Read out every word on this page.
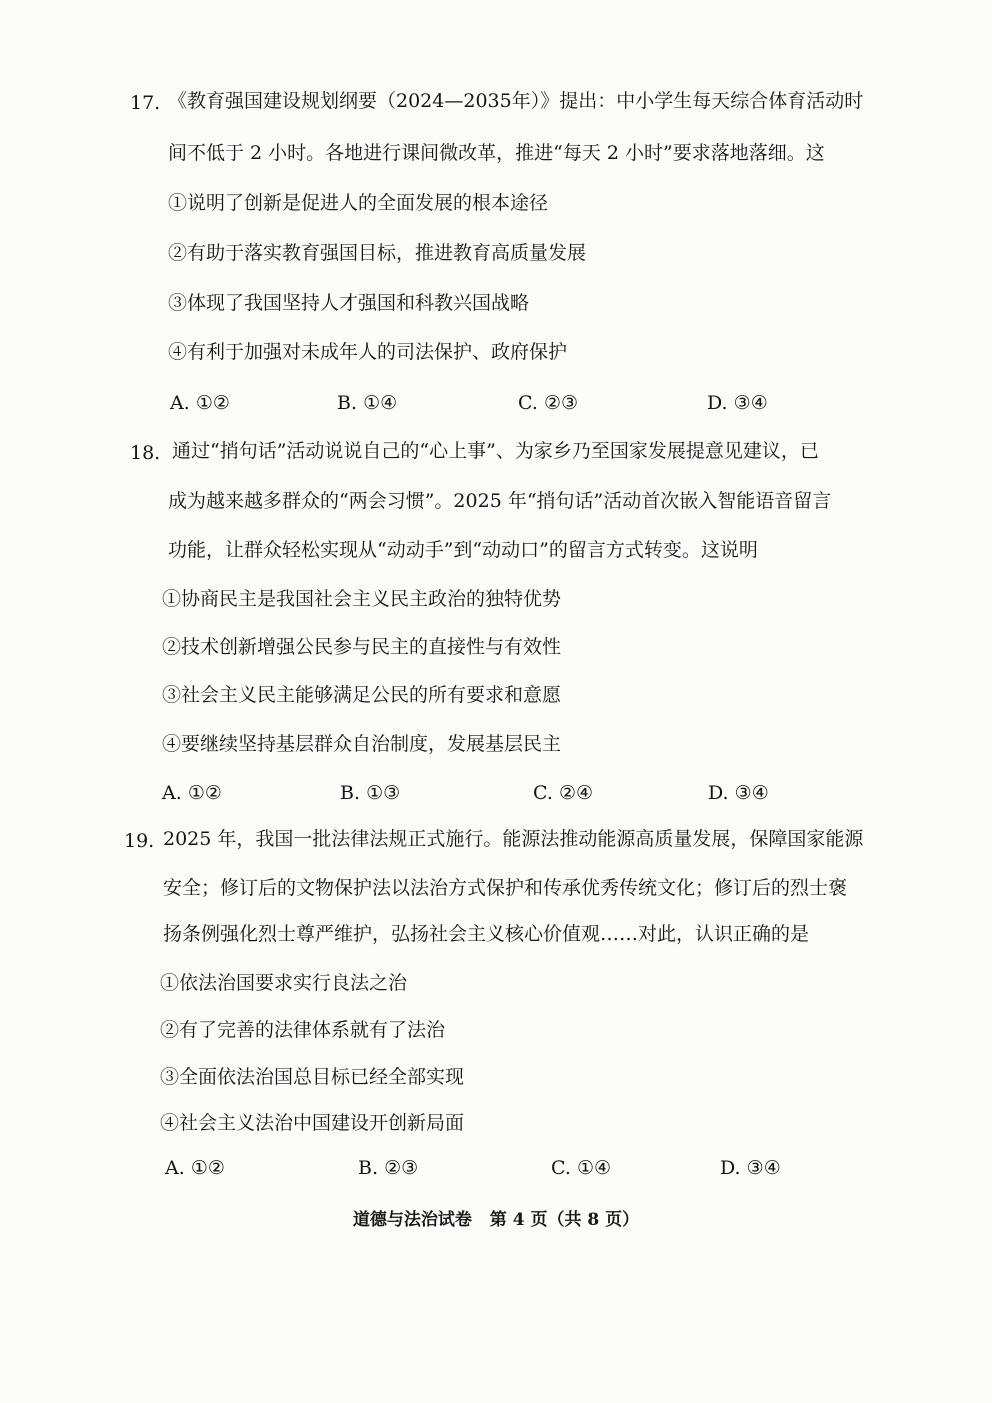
17. 《教育强国建设规划纲要（2024—2035年）》提出：中小学生每天综合体育活动时
间不低于 2 小时。各地进行课间微改革，推进“每天 2 小时”要求落地落细。这
①说明了创新是促进人的全面发展的根本途径
②有助于落实教育强国目标，推进教育高质量发展
③体现了我国坚持人才强国和科教兴国战略
④有利于加强对未成年人的司法保护、政府保护
A. ①②	B. ①④	C. ②③	D. ③④
18. 通过“捎句话”活动说说自己的“心上事”、为家乡乃至国家发展提意见建议，已
成为越来越多群众的“两会习惯”。2025 年“捎句话”活动首次嵌入智能语音留言
功能，让群众轻松实现从“动动手”到“动动口”的留言方式转变。这说明
①协商民主是我国社会主义民主政治的独特优势
②技术创新增强公民参与民主的直接性与有效性
③社会主义民主能够满足公民的所有要求和意愿
④要继续坚持基层群众自治制度，发展基层民主
A. ①②	B. ①③	C. ②④	D. ③④
19. 2025 年，我国一批法律法规正式施行。能源法推动能源高质量发展，保障国家能源
安全；修订后的文物保护法以法治方式保护和传承优秀传统文化；修订后的烈士褒
扬条例强化烈士尊严维护，弘扬社会主义核心价值观……对此，认识正确的是
①依法治国要求实行良法之治
②有了完善的法律体系就有了法治
③全面依法治国总目标已经全部实现
④社会主义法治中国建设开创新局面
A. ①②	B. ②③	C. ①④	D. ③④
道德与法治试卷 第 4 页（共 8 页）
